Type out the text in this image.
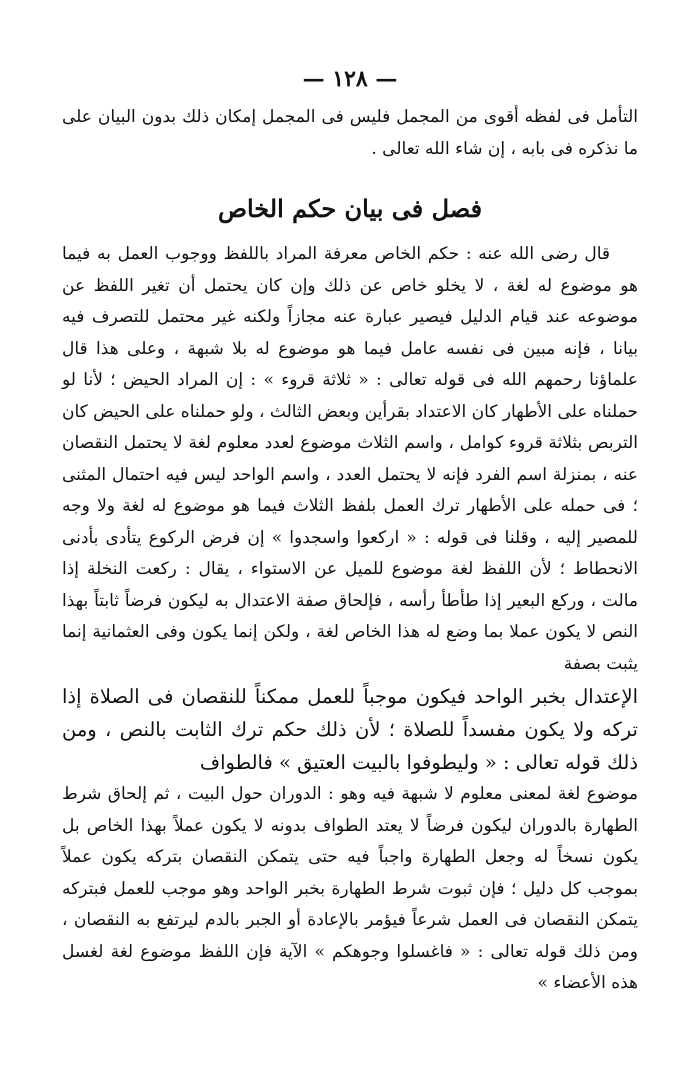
— ١٢٨ —

التأمل فى لفظه أقوى من المجمل فليس فى المجمل إمكان ذلك بدون البيان على ما نذكره فى بابه ، إن شاء الله تعالى .

فصل فى بيان حكم الخاص

قال رضى الله عنه : حكم الخاص معرفة المراد باللفظ ووجوب العمل به فيما هو موضوع له لغة ، لا يخلو خاص عن ذلك وإن كان يحتمل أن تغير اللفظ عن موضوعه عند قيام الدليل فيصير عبارة عنه مجازاً ولكنه غير محتمل للتصرف فيه بيانا ، فإنه مبين فى نفسه عامل فيما هو موضوع له بلا شبهة ، وعلى هذا قال علماؤنا رحمهم الله فى قوله تعالى : « ثلاثة قروء » : إن المراد الحيض ؛ لأنا لو حملناه على الأطهار كان الاعتداد بقرأين وبعض الثالث ، ولو حملناه على الحيض كان التربص بثلاثة قروء كوامل ، واسم الثلاث موضوع لعدد معلوم لغة لا يحتمل النقصان عنه ، بمنزلة اسم الفرد فإنه لا يحتمل العدد ، واسم الواحد ليس فيه احتمال المثنى ؛ فى حمله على الأطهار ترك العمل بلفظ الثلاث فيما هو موضوع له لغة ولا وجه للمصير إليه ، وقلنا فى قوله : « اركعوا واسجدوا » إن فرض الركوع يتأدى بأدنى الانحطاط ؛ لأن اللفظ لغة موضوع للميل عن الاستواء ، يقال : ركعت النخلة إذا مالت ، وركع البعير إذا طأطأ رأسه ، فإلحاق صفة الاعتدال به ليكون فرضاً ثابتاً بهذا النص لا يكون عملا بما وضع له هذا الخاص لغة ، ولكن إنما يكون وفى العثمانية إنما يثبت بصفة

الإعتدال بخبر الواحد فيكون موجباً للعمل ممكناً للنقصان فى الصلاة إذا تركه ولا يكون مفسداً للصلاة ؛ لأن ذلك حكم ترك الثابت بالنص ، ومن ذلك قوله تعالى : « وليطوفوا بالبيت العتيق » فالطواف

موضوع لغة لمعنى معلوم لا شبهة فيه وهو : الدوران حول البيت ، ثم إلحاق شرط الطهارة بالدوران ليكون فرضاً لا يعتد الطواف بدونه لا يكون عملاً بهذا الخاص بل يكون نسخاً له وجعل الطهارة واجباً فيه حتى يتمكن النقصان بتركه يكون عملاً بموجب كل دليل ؛ فإن ثبوت شرط الطهارة بخبر الواحد وهو موجب للعمل فبتركه يتمكن النقصان فى العمل شرعاً فيؤمر بالإعادة أو الجبر بالدم ليرتفع به النقصان ، ومن ذلك قوله تعالى : « فاغسلوا وجوهكم » الآية فإن اللفظ موضوع لغة لغسل هذه الأعضاء »
